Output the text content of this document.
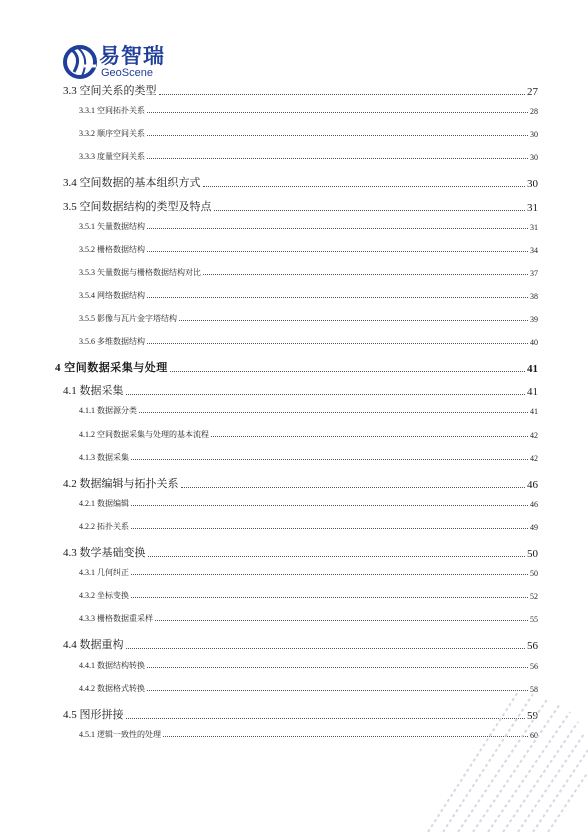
易智瑞
GeoScene
3.3 空间关系的类型	27
3.3.1 空间拓扑关系	28
3.3.2 顺序空间关系	30
3.3.3 度量空间关系	30
3.4 空间数据的基本组织方式	30
3.5 空间数据结构的类型及特点	31
3.5.1 矢量数据结构	31
3.5.2 栅格数据结构	34
3.5.3 矢量数据与栅格数据结构对比	37
3.5.4 网络数据结构	38
3.5.5 影像与瓦片金字塔结构	39
3.5.6 多维数据结构	40
4 空间数据采集与处理	41
4.1 数据采集	41
4.1.1 数据源分类	41
4.1.2 空间数据采集与处理的基本流程	42
4.1.3 数据采集	42
4.2 数据编辑与拓扑关系	46
4.2.1 数据编辑	46
4.2.2 拓扑关系	49
4.3 数学基础变换	50
4.3.1 几何纠正	50
4.3.2 坐标变换	52
4.3.3 栅格数据重采样	55
4.4 数据重构	56
4.4.1 数据结构转换	56
4.4.2 数据格式转换	58
4.5 图形拼接	59
4.5.1 逻辑一致性的处理	60
